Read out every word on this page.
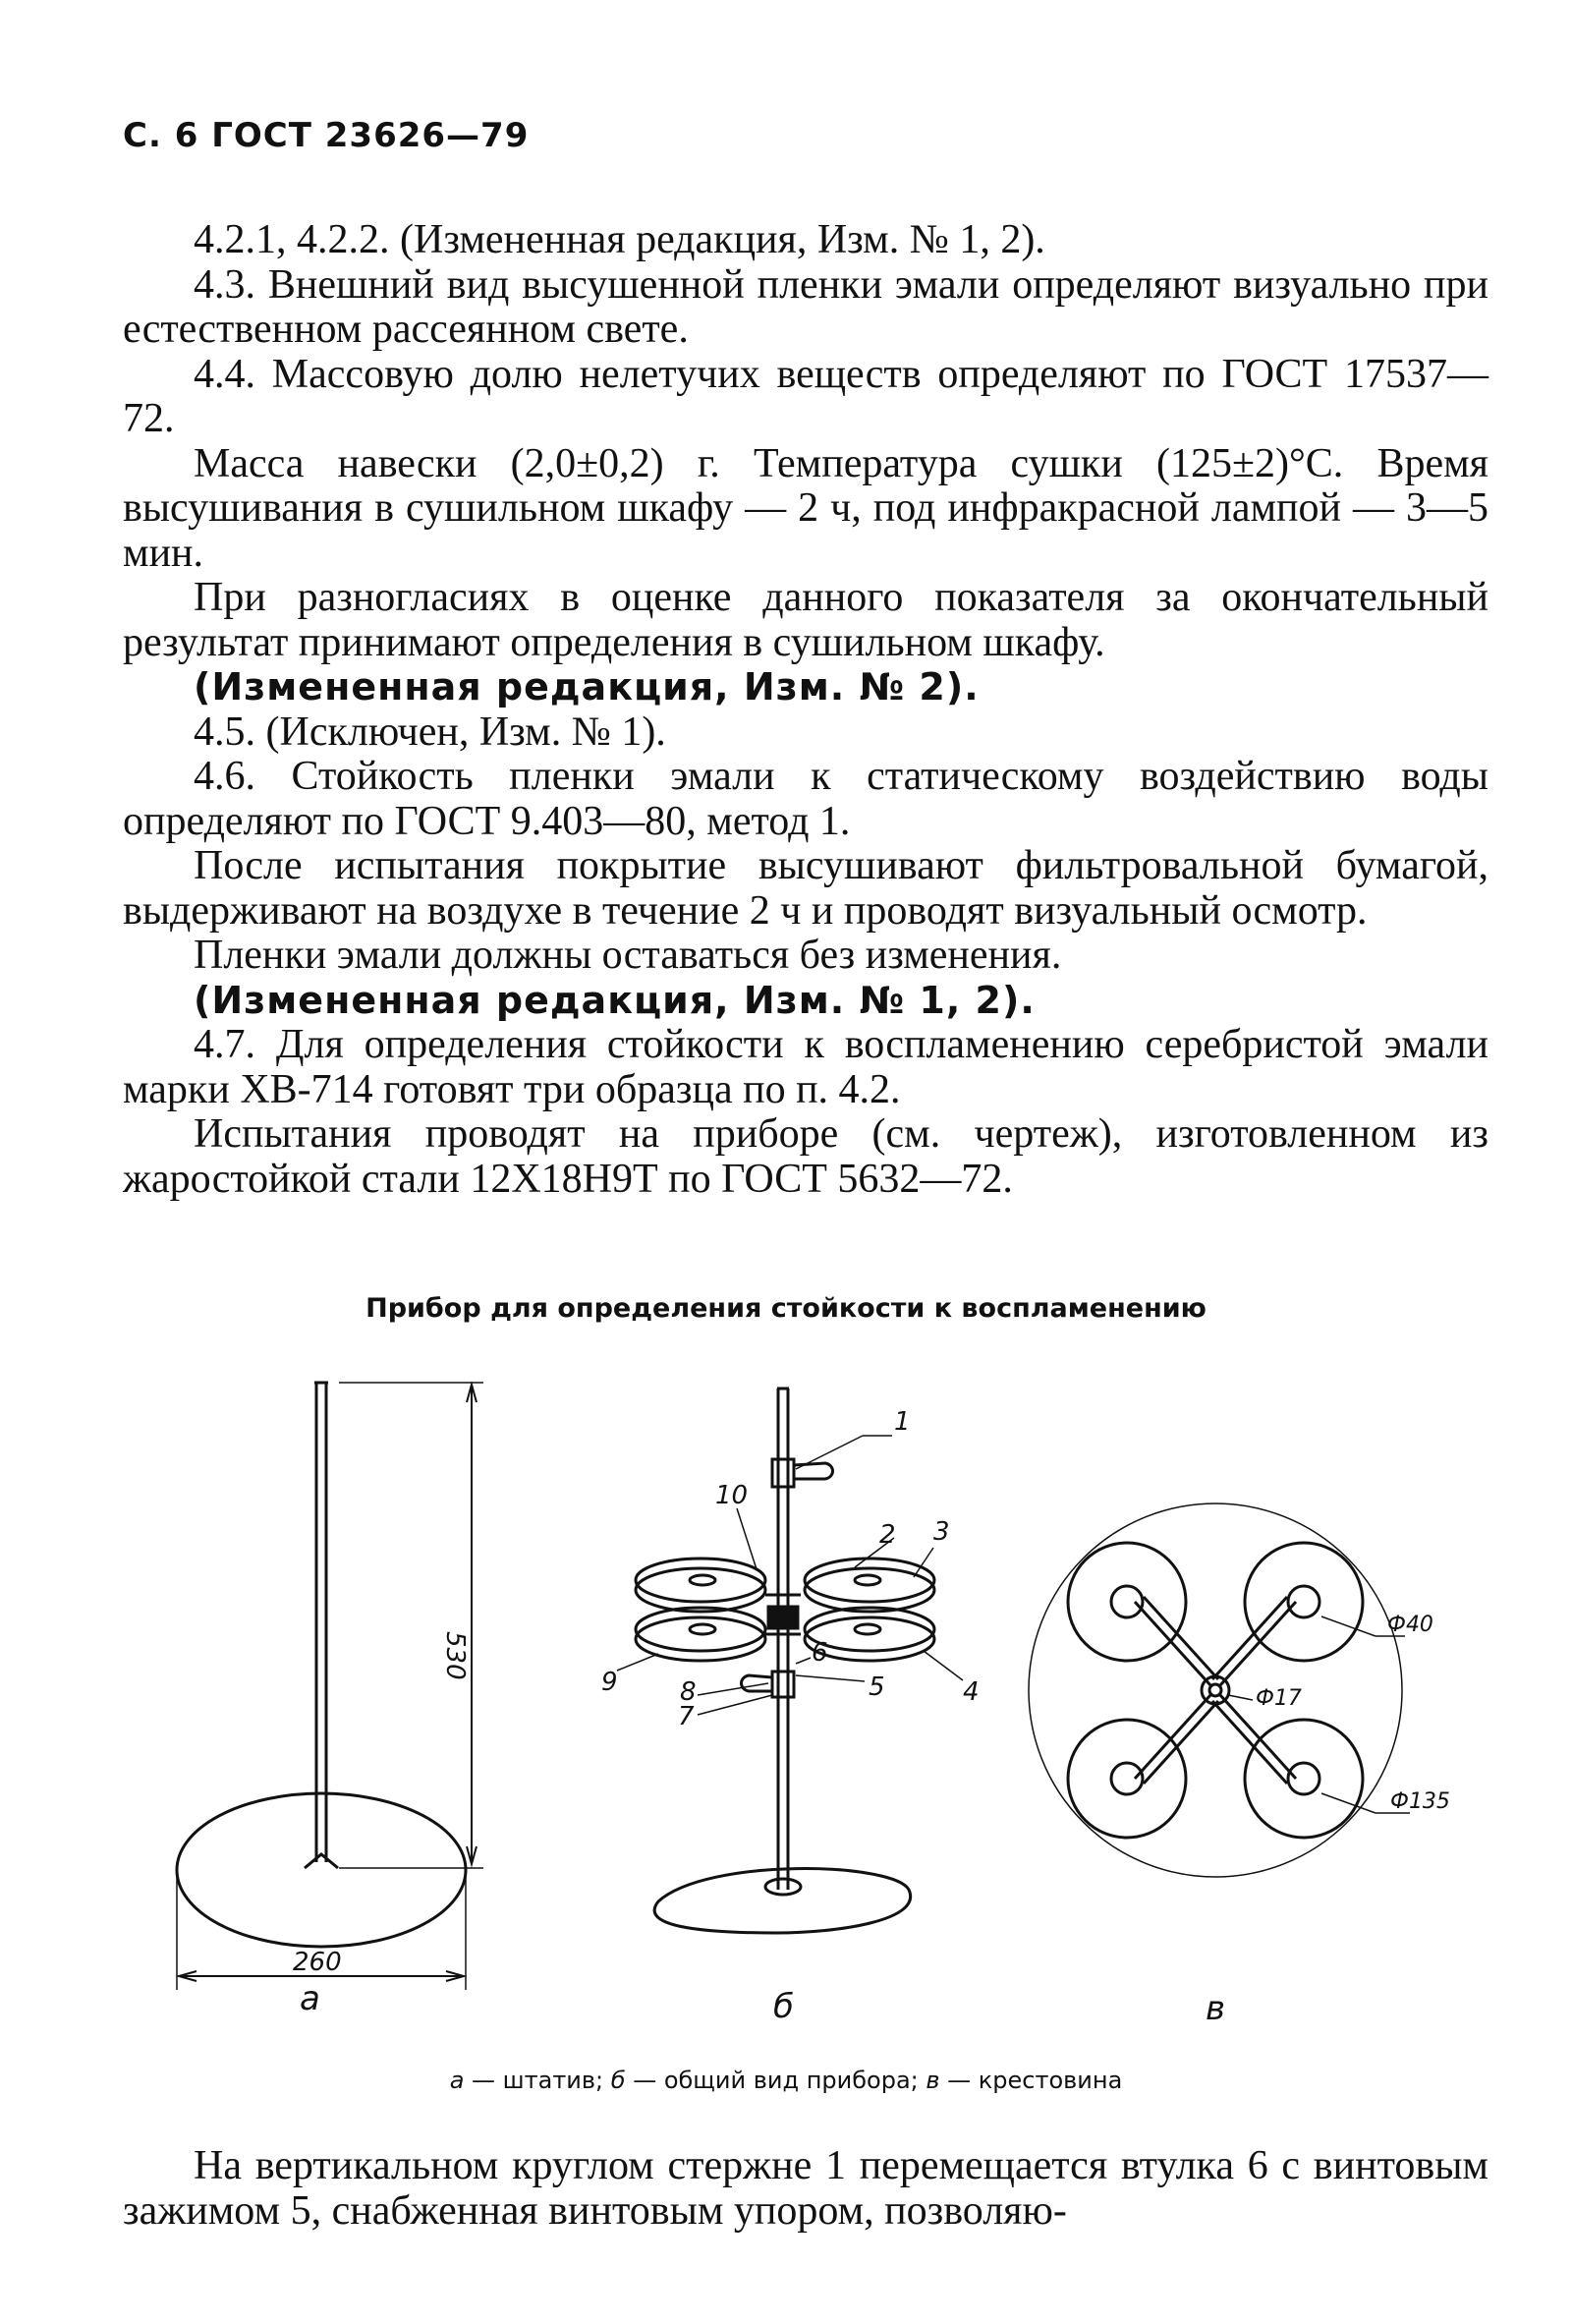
С. 6 ГОСТ 23626—79

4.2.1, 4.2.2. (Измененная редакция, Изм. № 1, 2).

4.3. Внешний вид высушенной пленки эмали определяют визуально при естественном рассеянном свете.

4.4. Массовую долю нелетучих веществ определяют по ГОСТ 17537—72.

Масса навески (2,0±0,2) г. Температура сушки (125±2)°С. Время высушивания в сушильном шкафу — 2 ч, под инфракрасной лампой — 3—5 мин.

При разногласиях в оценке данного показателя за окончательный результат принимают определения в сушильном шкафу.

(Измененная редакция, Изм. № 2).

4.5. (Исключен, Изм. № 1).

4.6. Стойкость пленки эмали к статическому воздействию воды определяют по ГОСТ 9.403—80, метод 1.

После испытания покрытие высушивают фильтровальной бумагой, выдерживают на воздухе в течение 2 ч и проводят визуальный осмотр.

Пленки эмали должны оставаться без изменения.

(Измененная редакция, Изм. № 1, 2).

4.7. Для определения стойкости к воспламенению серебристой эмали марки ХВ-714 готовят три образца по п. 4.2.

Испытания проводят на приборе (см. чертеж), изготовленном из жаростойкой стали 12Х18Н9Т по ГОСТ 5632—72.

Прибор для определения стойкости к воспламенению
530
260
1
2 3
4
5
6
7
8
9
10
Ф40
Ф17
Ф135
а	б	в
а — штатив; б — общий вид прибора; в — крестовина

На вертикальном круглом стержне 1 перемещается втулка 6 с винтовым зажимом 5, снабженная винтовым упором, позволяю-
